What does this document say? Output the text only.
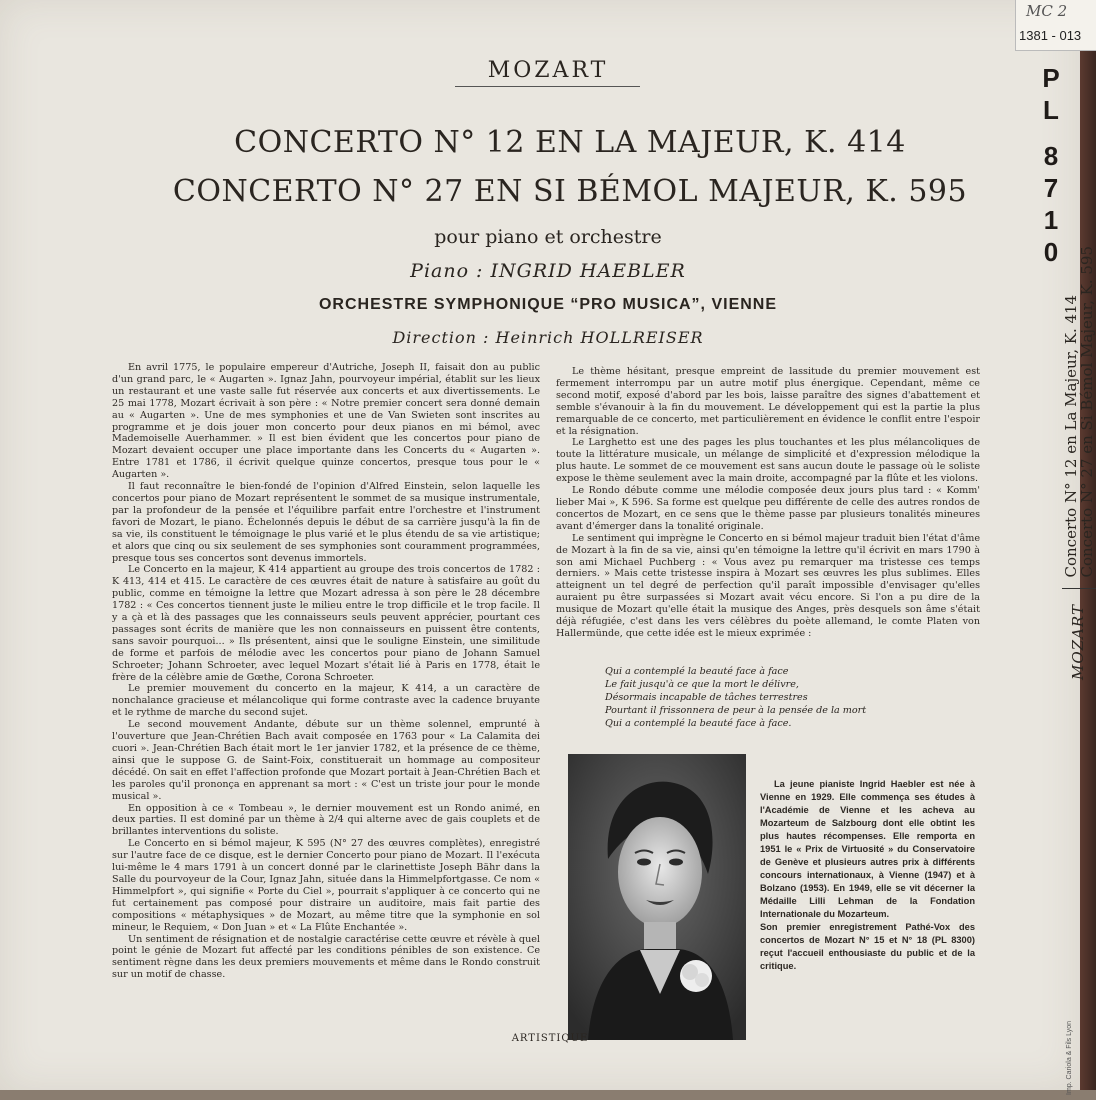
MC 2
1381 - 013
P
L
8
7
1
0
MOZART
CONCERTO N° 12 EN LA MAJEUR, K. 414
CONCERTO N° 27 EN SI BÉMOL MAJEUR, K. 595
pour piano et orchestre
Piano : INGRID HAEBLER
ORCHESTRE SYMPHONIQUE “PRO MUSICA”, VIENNE
Direction : Heinrich HOLLREISER

En avril 1775, le populaire empereur d'Autriche, Joseph II, faisait don au public d'un grand parc, le « Augarten ». Ignaz Jahn, pourvoyeur impérial, établit sur les lieux un restaurant et une vaste salle fut réservée aux concerts et aux divertissements. Le 25 mai 1778, Mozart écrivait à son père : « Notre premier concert sera donné demain au « Augarten ». Une de mes symphonies et une de Van Swieten sont inscrites au programme et je dois jouer mon concerto pour deux pianos en mi bémol, avec Mademoiselle Auerhammer. » Il est bien évident que les concertos pour piano de Mozart devaient occuper une place importante dans les Concerts du « Augarten ». Entre 1781 et 1786, il écrivit quelque quinze concertos, presque tous pour le « Augarten ».

Il faut reconnaître le bien-fondé de l'opinion d'Alfred Einstein, selon laquelle les concertos pour piano de Mozart représentent le sommet de sa musique instrumentale, par la profondeur de la pensée et l'équilibre parfait entre l'orchestre et l'instrument favori de Mozart, le piano. Échelonnés depuis le début de sa carrière jusqu'à la fin de sa vie, ils constituent le témoignage le plus varié et le plus étendu de sa vie artistique; et alors que cinq ou six seulement de ses symphonies sont couramment programmées, presque tous ses concertos sont devenus immortels.

Le Concerto en la majeur, K 414 appartient au groupe des trois concertos de 1782 : K 413, 414 et 415. Le caractère de ces œuvres était de nature à satisfaire au goût du public, comme en témoigne la lettre que Mozart adressa à son père le 28 décembre 1782 : « Ces concertos tiennent juste le milieu entre le trop difficile et le trop facile. Il y a çà et là des passages que les connaisseurs seuls peuvent apprécier, pourtant ces passages sont écrits de manière que les non connaisseurs en puissent être contents, sans savoir pourquoi... » Ils présentent, ainsi que le souligne Einstein, une similitude de forme et parfois de mélodie avec les concertos pour piano de Johann Samuel Schroeter; Johann Schroeter, avec lequel Mozart s'était lié à Paris en 1778, était le frère de la célèbre amie de Gœthe, Corona Schroeter.

Le premier mouvement du concerto en la majeur, K 414, a un caractère de nonchalance gracieuse et mélancolique qui forme contraste avec la cadence bruyante et le rythme de marche du second sujet.

Le second mouvement Andante, débute sur un thème solennel, emprunté à l'ouverture que Jean-Chrétien Bach avait composée en 1763 pour « La Calamita dei cuori ». Jean-Chrétien Bach était mort le 1er janvier 1782, et la présence de ce thème, ainsi que le suppose G. de Saint-Foix, constituerait un hommage au compositeur décédé. On sait en effet l'affection profonde que Mozart portait à Jean-Chrétien Bach et les paroles qu'il prononça en apprenant sa mort : « C'est un triste jour pour le monde musical ».

En opposition à ce « Tombeau », le dernier mouvement est un Rondo animé, en deux parties. Il est dominé par un thème à 2/4 qui alterne avec de gais couplets et de brillantes interventions du soliste.

Le Concerto en si bémol majeur, K 595 (N° 27 des œuvres complètes), enregistré sur l'autre face de ce disque, est le dernier Concerto pour piano de Mozart. Il l'exécuta lui-même le 4 mars 1791 à un concert donné par le clarinettiste Joseph Bähr dans la Salle du pourvoyeur de la Cour, Ignaz Jahn, située dans la Himmelpfortgasse. Ce nom « Himmelpfort », qui signifie « Porte du Ciel », pourrait s'appliquer à ce concerto qui ne fut certainement pas composé pour distraire un auditoire, mais fait partie des compositions « métaphysiques » de Mozart, au même titre que la symphonie en sol mineur, le Requiem, « Don Juan » et « La Flûte Enchantée ».

Un sentiment de résignation et de nostalgie caractérise cette œuvre et révèle à quel point le génie de Mozart fut affecté par les conditions pénibles de son existence. Ce sentiment règne dans les deux premiers mouvements et même dans le Rondo construit sur un motif de chasse.

Le thème hésitant, presque empreint de lassitude du premier mouvement est fermement interrompu par un autre motif plus énergique. Cependant, même ce second motif, exposé d'abord par les bois, laisse paraître des signes d'abattement et semble s'évanouir à la fin du mouvement. Le développement qui est la partie la plus remarquable de ce concerto, met particulièrement en évidence le conflit entre l'espoir et la résignation.

Le Larghetto est une des pages les plus touchantes et les plus mélancoliques de toute la littérature musicale, un mélange de simplicité et d'expression mélodique la plus haute. Le sommet de ce mouvement est sans aucun doute le passage où le soliste expose le thème seulement avec la main droite, accompagné par la flûte et les violons.

Le Rondo débute comme une mélodie composée deux jours plus tard : « Komm' lieber Mai », K 596. Sa forme est quelque peu différente de celle des autres rondos de concertos de Mozart, en ce sens que le thème passe par plusieurs tonalités mineures avant d'émerger dans la tonalité originale.

Le sentiment qui imprègne le Concerto en si bémol majeur traduit bien l'état d'âme de Mozart à la fin de sa vie, ainsi qu'en témoigne la lettre qu'il écrivit en mars 1790 à son ami Michael Puchberg : « Vous avez pu remarquer ma tristesse ces temps derniers. » Mais cette tristesse inspira à Mozart ses œuvres les plus sublimes. Elles atteignent un tel degré de perfection qu'il paraît impossible d'envisager qu'elles auraient pu être surpassées si Mozart avait vécu encore. Si l'on a pu dire de la musique de Mozart qu'elle était la musique des Anges, près desquels son âme s'était déjà réfugiée, c'est dans les vers célèbres du poète allemand, le comte Platen von Hallermünde, que cette idée est le mieux exprimée :

Qui a contemplé la beauté face à face
Le fait jusqu'à ce que la mort le délivre,
Désormais incapable de tâches terrestres
Pourtant il frissonnera de peur à la pensée de la mort
Qui a contemplé la beauté face à face.

La jeune pianiste Ingrid Haebler est née à Vienne en 1929. Elle commença ses études à l'Académie de Vienne et les acheva au Mozarteum de Salzbourg dont elle obtint les plus hautes récompenses. Elle remporta en 1951 le « Prix de Virtuosité » du Conservatoire de Genève et plusieurs autres prix à différents concours internationaux, à Vienne (1947) et à Bolzano (1953). En 1949, elle se vit décerner la Médaille Lilli Lehman de la Fondation Internationale du Mozarteum.

Son premier enregistrement Pathé-Vox des concertos de Mozart N° 15 et N° 18 (PL 8300) reçut l'accueil enthousiaste du public et de la critique.

ARTISTIQUE
MOZART
Concerto N° 12 en La Majeur, K. 414
Concerto N° 27 en Si Bémol Majeur, K. 595
Imp. Cariola & Fils Lyon
